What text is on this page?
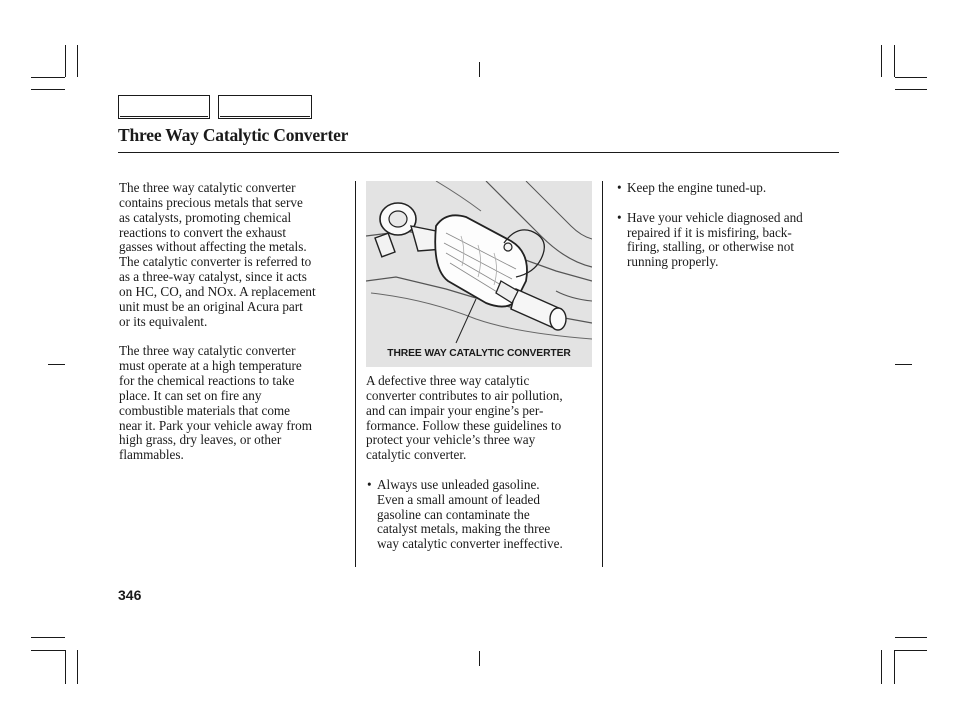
Three Way Catalytic Converter

The three way catalytic converter
contains precious metals that serve
as catalysts, promoting chemical
reactions to convert the exhaust
gasses without affecting the metals.
The catalytic converter is referred to
as a three-way catalyst, since it acts
on HC, CO, and NOx. A replacement
unit must be an original Acura part
or its equivalent.

The three way catalytic converter
must operate at a high temperature
for the chemical reactions to take
place. It can set on fire any
combustible materials that come
near it. Park your vehicle away from
high grass, dry leaves, or other
flammables.

THREE WAY CATALYTIC CONVERTER

A defective three way catalytic
converter contributes to air pollution,
and can impair your engine’s per-
formance. Follow these guidelines to
protect your vehicle’s three way
catalytic converter.

• Always use unleaded gasoline.
Even a small amount of leaded
gasoline can contaminate the
catalyst metals, making the three
way catalytic converter ineffective.
• Keep the engine tuned-up.
• Have your vehicle diagnosed and
repaired if it is misfiring, back-
firing, stalling, or otherwise not
running properly.
346
